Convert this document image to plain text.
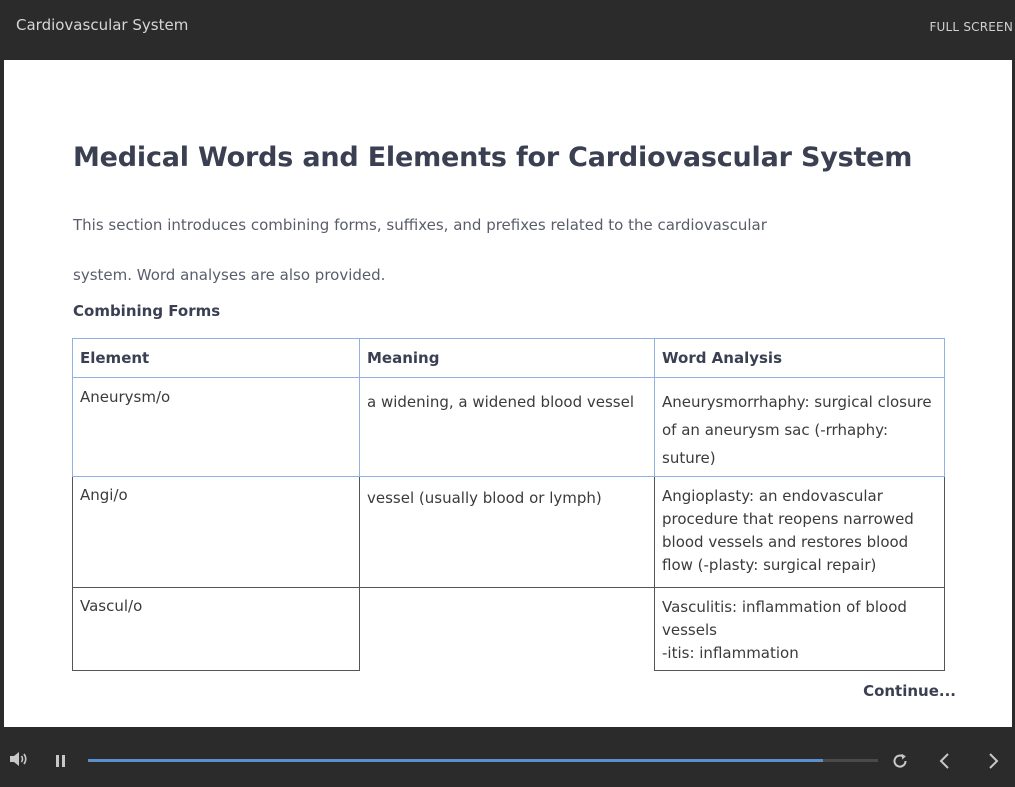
Cardiovascular System	FULL SCREEN
Medical Words and Elements for Cardiovascular System

This section introduces combining forms, suffixes, and prefixes related to the cardiovascular system. Word analyses are also provided.

Combining Forms
Element	Meaning	Word Analysis
Aneurysm/o	a widening, a widened blood vessel	Aneurysmorrhaphy: surgical closure of an aneurysm sac (-rrhaphy: suture)
Angi/o	vessel (usually blood or lymph)	Angioplasty: an endovascular procedure that reopens narrowed blood vessels and restores blood flow (-plasty: surgical repair)
Vascul/o		Vasculitis: inflammation of blood vessels
-itis: inflammation
Continue...
